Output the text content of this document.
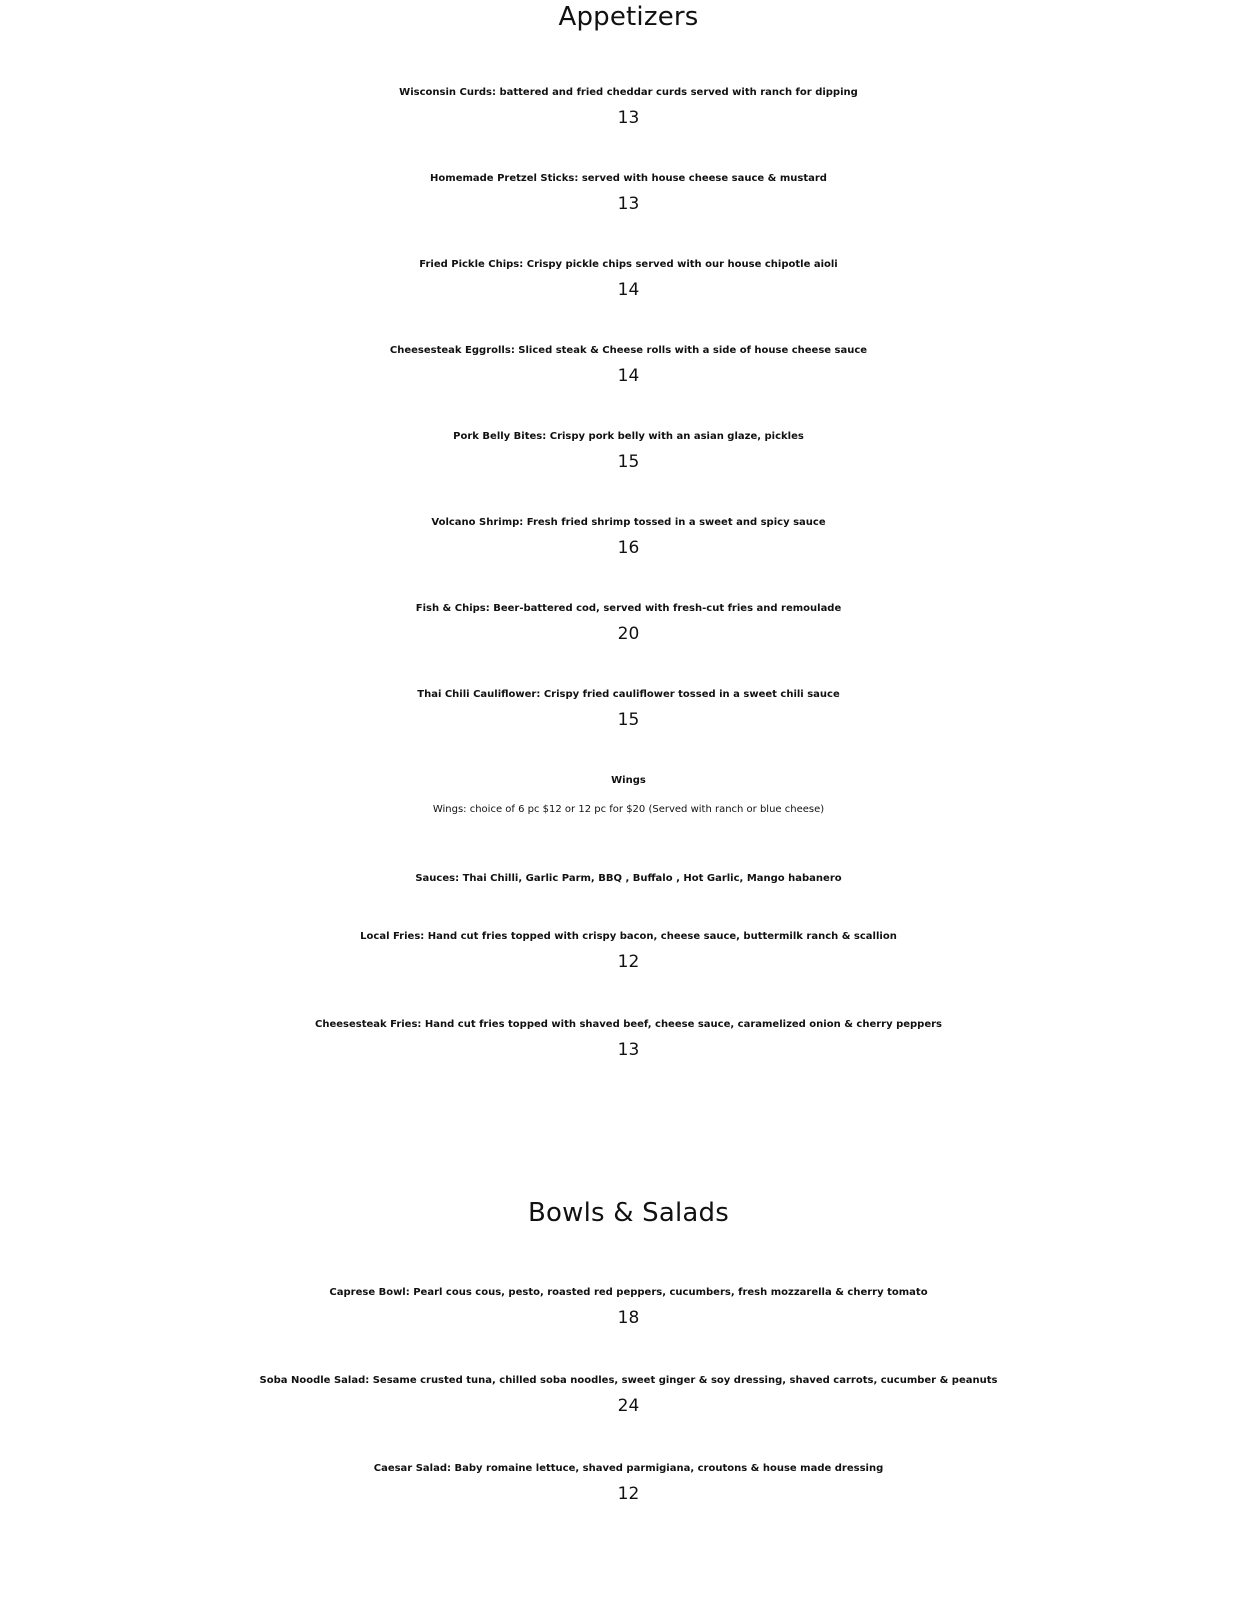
Appetizers

Wisconsin Curds: battered and fried cheddar curds served with ranch for dipping

13

Homemade Pretzel Sticks: served with house cheese sauce & mustard

13

Fried Pickle Chips: Crispy pickle chips served with our house chipotle aioli

14

Cheesesteak Eggrolls: Sliced steak & Cheese rolls with a side of house cheese sauce

14

Pork Belly Bites: Crispy pork belly with an asian glaze, pickles

15

Volcano Shrimp: Fresh fried shrimp tossed in a sweet and spicy sauce

16

Fish & Chips: Beer-battered cod, served with fresh-cut fries and remoulade

20

Thai Chili Cauliflower: Crispy fried cauliflower tossed in a sweet chili sauce

15

Wings

Wings: choice of 6 pc $12 or 12 pc for $20 (Served with ranch or blue cheese)

Sauces: Thai Chilli, Garlic Parm, BBQ , Buffalo , Hot Garlic, Mango habanero

Local Fries: Hand cut fries topped with crispy bacon, cheese sauce, buttermilk ranch & scallion

12

Cheesesteak Fries: Hand cut fries topped with shaved beef, cheese sauce, caramelized onion & cherry peppers

13

Bowls & Salads

Caprese Bowl: Pearl cous cous, pesto, roasted red peppers, cucumbers, fresh mozzarella & cherry tomato

18

Soba Noodle Salad: Sesame crusted tuna, chilled soba noodles, sweet ginger & soy dressing, shaved carrots, cucumber & peanuts

24

Caesar Salad: Baby romaine lettuce, shaved parmigiana, croutons & house made dressing

12
